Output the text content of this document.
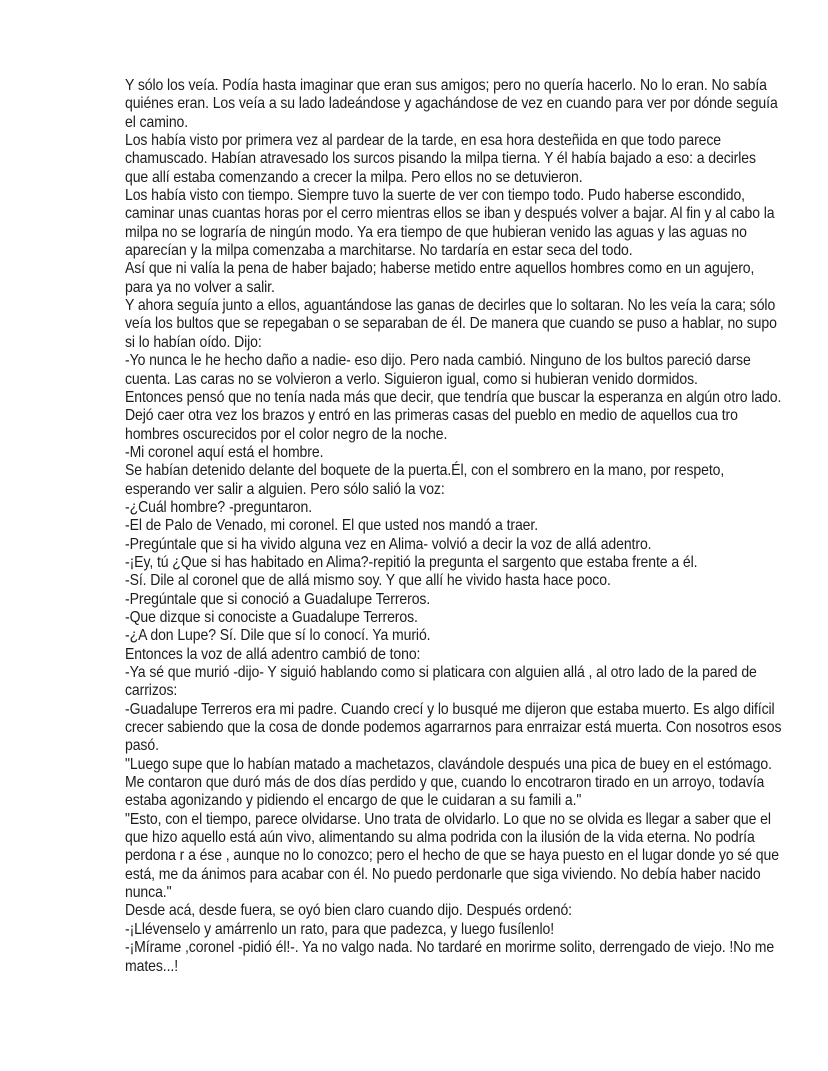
Y sólo los veía. Podía hasta imaginar que eran sus amigos; pero no quería hacerlo. No lo eran. No sabía quiénes eran. Los veía a su lado ladeándose y agachándose de vez en cuando para ver por dónde seguía el camino.

Los había visto por primera vez al pardear de la tarde, en esa hora desteñida en que todo parece chamuscado. Habían atravesado los surcos pisando la milpa tierna. Y él había bajado a eso: a decirles que allí estaba comenzando a crecer la milpa. Pero ellos no se detuvieron.

Los había visto con tiempo. Siempre tuvo la suerte de ver con tiempo todo. Pudo haberse escondido, caminar unas cuantas horas por el cerro mientras ellos se iban y después volver a bajar. Al fin y al cabo la milpa no se lograría de ningún modo. Ya era tiempo de que hubieran venido las aguas y las aguas no aparecían y la milpa comenzaba a marchitarse. No tardaría en estar seca del todo.

Así que ni valía la pena de haber bajado; haberse metido entre aquellos hombres como en un agujero, para ya no volver a salir.

Y ahora seguía junto a ellos, aguantándose las ganas de decirles que lo soltaran. No les veía la cara; sólo veía los bultos que se repegaban o se separaban de él. De manera que cuando se puso a hablar, no supo si lo habían oído. Dijo:

-Yo nunca le he hecho daño a nadie- eso dijo. Pero nada cambió. Ninguno de los bultos pareció darse cuenta. Las caras no se volvieron a verlo. Siguieron igual, como si hubieran venido dormidos.

Entonces pensó que no tenía nada más que decir, que tendría que buscar la esperanza en algún otro lado. Dejó caer otra vez los brazos y entró en las primeras casas del pueblo en medio de aquellos cua tro hombres oscurecidos por el color negro de la noche.

-Mi coronel aquí está el hombre.

Se habían detenido delante del boquete de la puerta.Él, con el sombrero en la mano, por respeto, esperando ver salir a alguien. Pero sólo salió la voz:

-¿Cuál hombre? -preguntaron.

-El de Palo de Venado, mi coronel. El que usted nos mandó a traer.

-Pregúntale que si ha vivido alguna vez en Alima- volvió a decir la voz de allá adentro.

-¡Ey, tú ¿Que si has habitado en Alima?-repitió la pregunta el sargento que estaba frente a él.

-Sí. Dile al coronel que de allá mismo soy. Y que allí he vivido hasta hace poco.

-Pregúntale que si conoció a Guadalupe Terreros.

-Que dizque si conociste a Guadalupe Terreros.

-¿A don Lupe? Sí. Dile que sí lo conocí. Ya murió.

Entonces la voz de allá adentro cambió de tono:

-Ya sé que murió -dijo- Y siguió hablando como si platicara con alguien allá , al otro lado de la pared de carrizos:

-Guadalupe Terreros era mi padre. Cuando crecí y lo busqué me dijeron que estaba muerto. Es algo difícil crecer sabiendo que la cosa de donde podemos agarrarnos para enrraizar está muerta. Con nosotros esos pasó.

"Luego supe que lo habían matado a machetazos, clavándole después una pica de buey en el estómago. Me contaron que duró más de dos días perdido y que, cuando lo encotraron tirado en un arroyo, todavía estaba agonizando y pidiendo el encargo de que le cuidaran a su famili a."

"Esto, con el tiempo, parece olvidarse. Uno trata de olvidarlo. Lo que no se olvida es llegar a saber que el que hizo aquello está aún vivo, alimentando su alma podrida con la ilusión de la vida eterna. No podría perdona r a ése , aunque no lo conozco; pero el hecho de que se haya puesto en el lugar donde yo sé que está, me da ánimos para acabar con él. No puedo perdonarle que siga viviendo. No debía haber nacido nunca."

Desde acá, desde fuera, se oyó bien claro cuando dijo. Después ordenó:

-¡Llévenselo y amárrenlo un rato, para que padezca, y luego fusílenlo!

-¡Mírame ,coronel -pidió él!-. Ya no valgo nada. No tardaré en morirme solito, derrengado de viejo. !No me mates...!
